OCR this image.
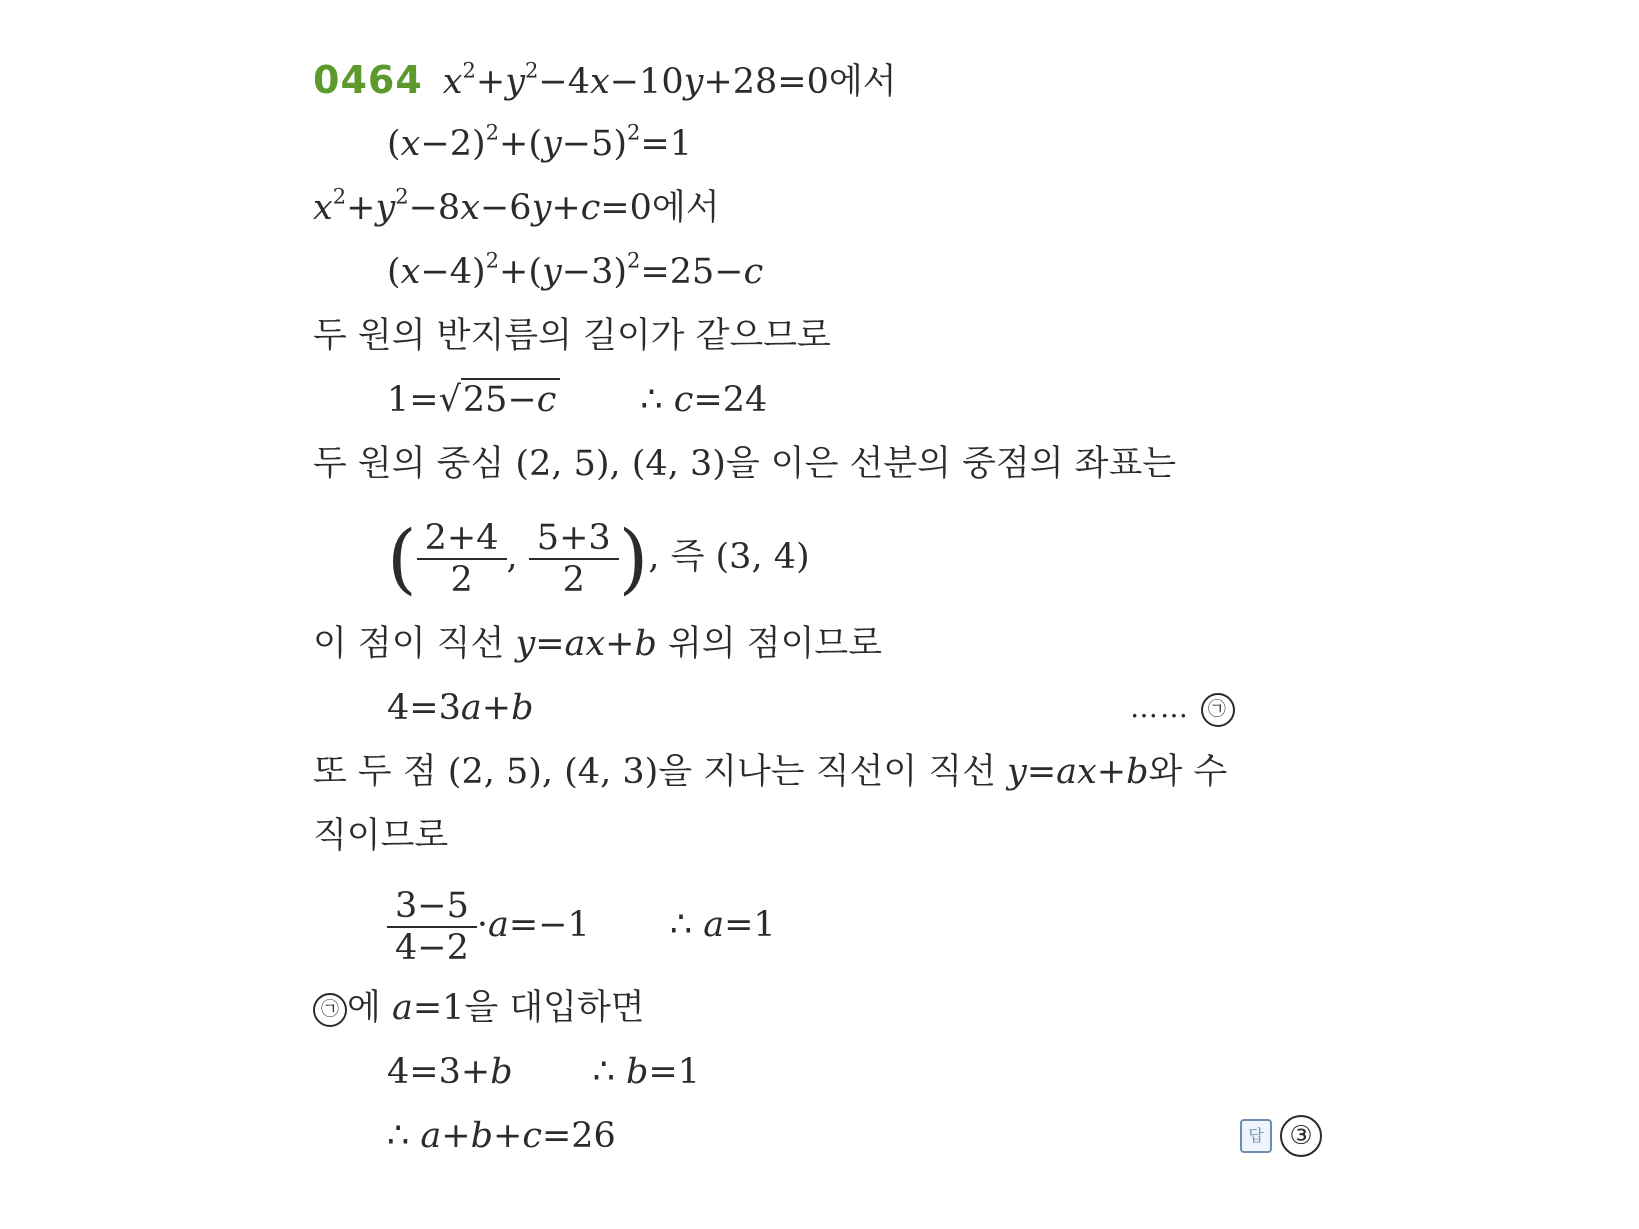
0464 $x^2+y^2-4x-10y+28=0$에서
$(x-2)^2+(y-5)^2=1$
$x^2+y^2-8x-6y+c=0$에서
$(x-4)^2+(y-3)^2=25-c$
두 원의 반지름의 길이가 같으므로
1=√25−c ∴ c=24
두 원의 중심 (2, 5), (4, 3)을 이은 선분의 중점의 좌표는
( $\frac{2+4}{2}$ , $\frac{5+3}{2}$ ), 즉 (3, 4)
이 점이 직선 y=ax+b 위의 점이므로
4=3a+b	…… ㉠
또 두 점 (2, 5), (4, 3)을 지나는 직선이 직선 y=ax+b와 수
직이므로
$\frac{3-5}{4-2} \cdot a=-1$ ∴ a=1
㉠ 에 a=1을 대입하면
4=3+b ∴ b=1
∴ a+b+c=26	답 ③
